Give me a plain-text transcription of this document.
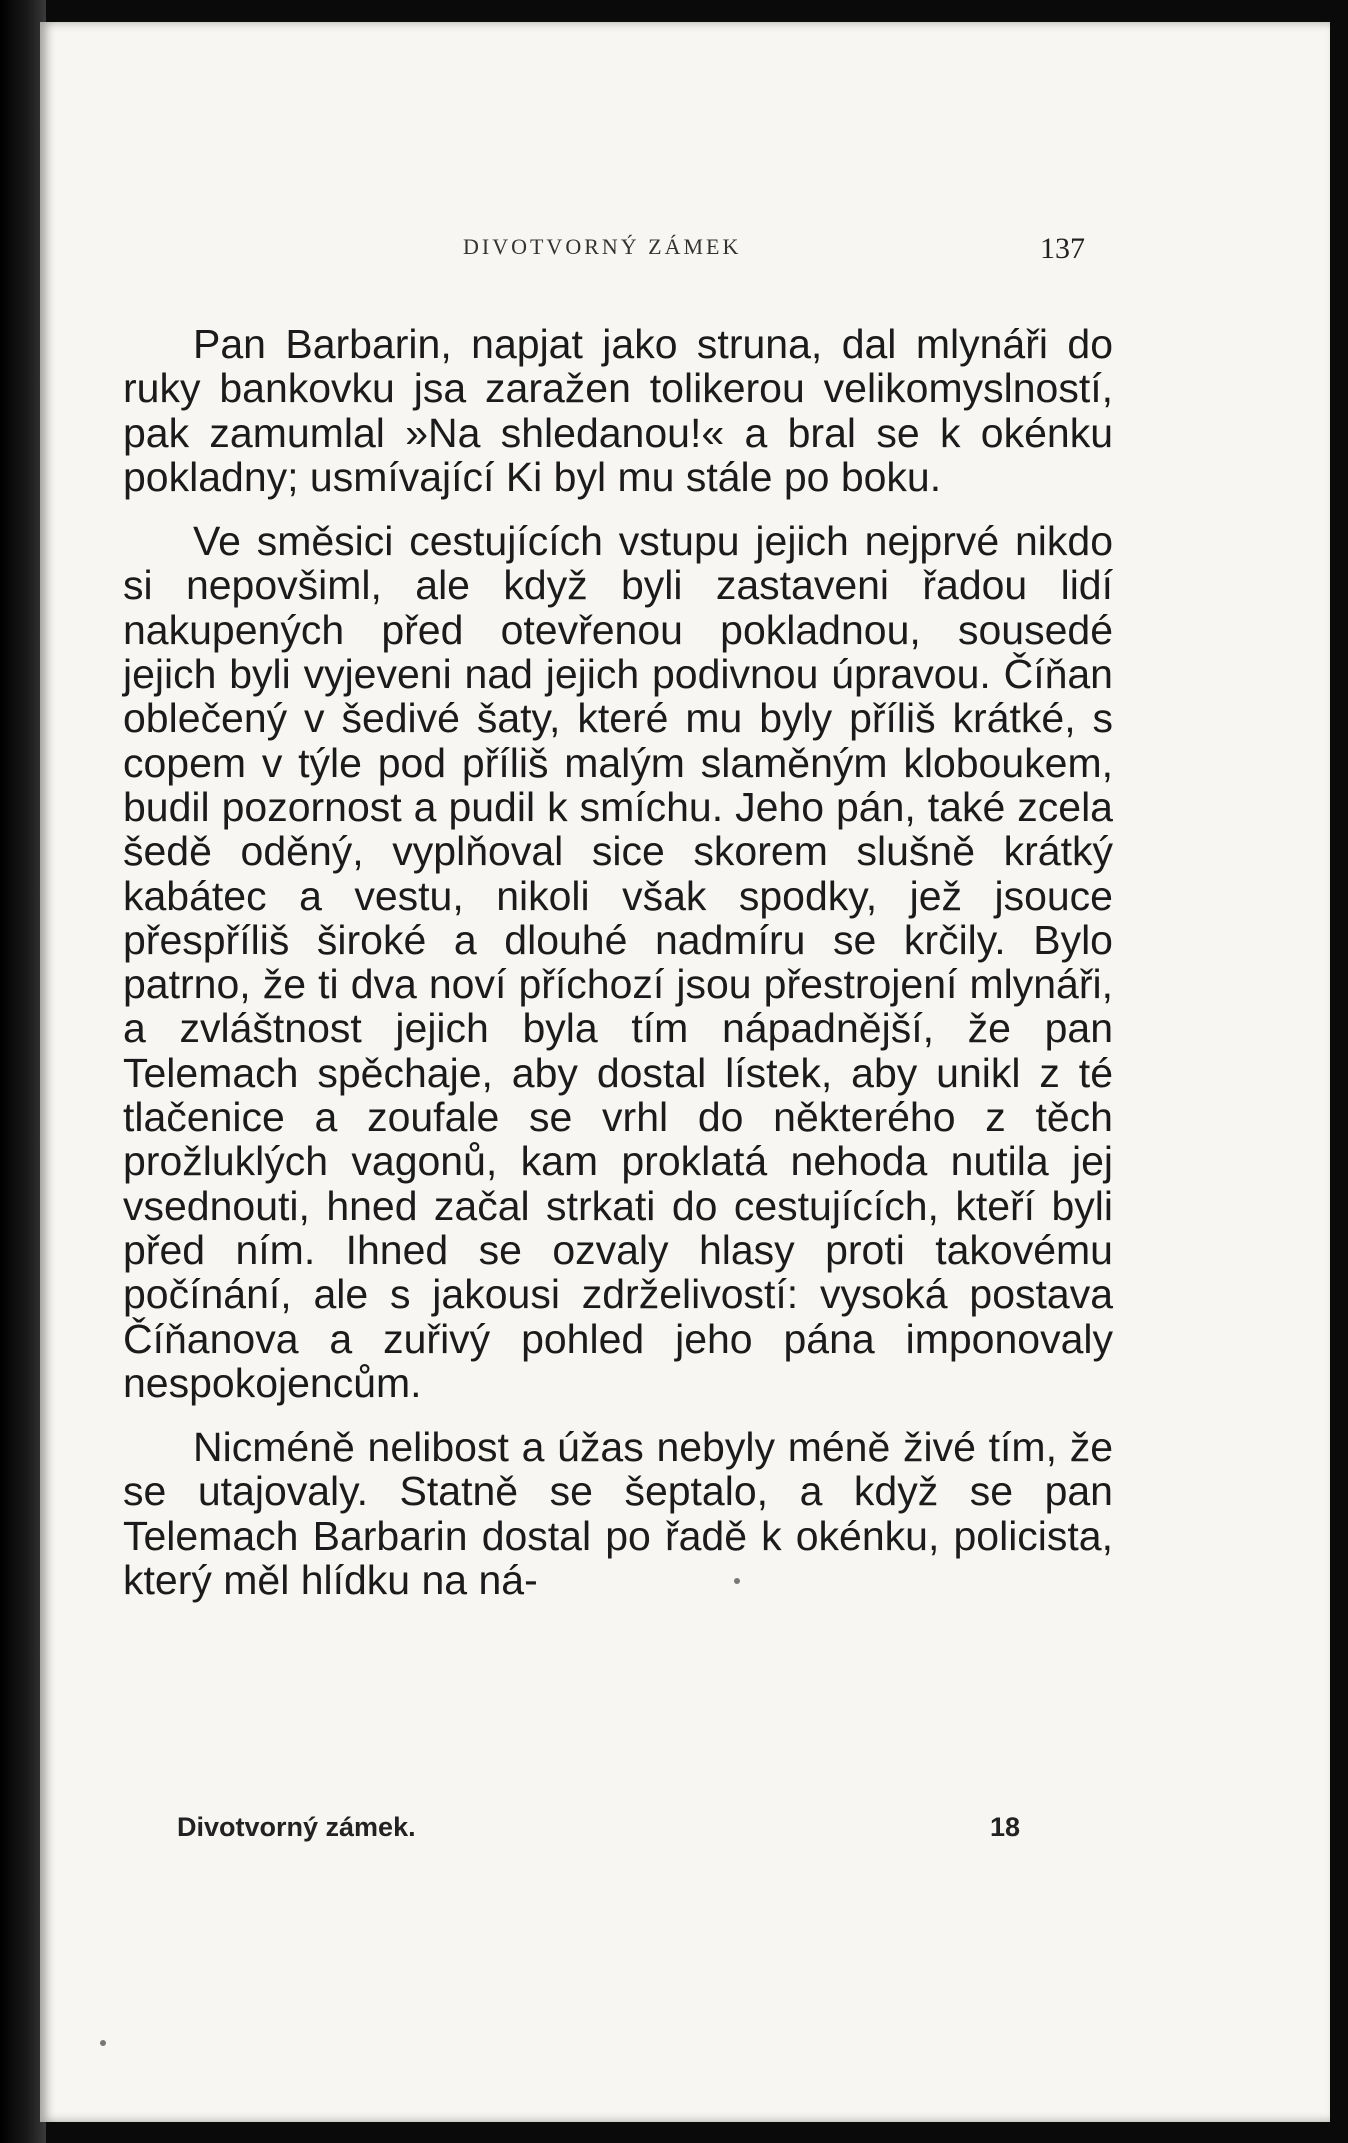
DIVOTVORNÝ ZÁMEK	137

Pan Barbarin, napjat jako struna, dal mlynáři do ruky bankovku jsa zaražen tolikerou velikomyslností, pak zamumlal »Na shledanou!« a bral se k okénku pokladny; usmívající Ki byl mu stále po boku.

Ve směsici cestujících vstupu jejich nejprvé nikdo si nepovšiml, ale když byli zastaveni řadou lidí nakupených před otevřenou pokladnou, sousedé jejich byli vyjeveni nad jejich podivnou úpravou. Číňan oblečený v šedivé šaty, které mu byly příliš krátké, s copem v týle pod příliš malým slaměným kloboukem, budil pozornost a pudil k smíchu. Jeho pán, také zcela šedě oděný, vyplňoval sice skorem slušně krátký kabátec a vestu, nikoli však spodky, jež jsouce přespříliš široké a dlouhé nadmíru se krčily. Bylo patrno, že ti dva noví příchozí jsou přestrojení mlynáři, a zvláštnost jejich byla tím nápadnější, že pan Telemach spěchaje, aby dostal lístek, aby unikl z té tlačenice a zoufale se vrhl do některého z těch prožluklých vagonů, kam proklatá nehoda nutila jej vsednouti, hned začal strkati do cestujících, kteří byli před ním. Ihned se ozvaly hlasy proti takovému počínání, ale s jakousi zdrželivostí: vysoká postava Číňanova a zuřivý pohled jeho pána imponovaly nespokojencům.

Nicméně nelibost a úžas nebyly méně živé tím, že se utajovaly. Statně se šeptalo, a když se pan Telemach Barbarin dostal po řadě k okénku, policista, který měl hlídku na ná-

Divotvorný zámek.	18
